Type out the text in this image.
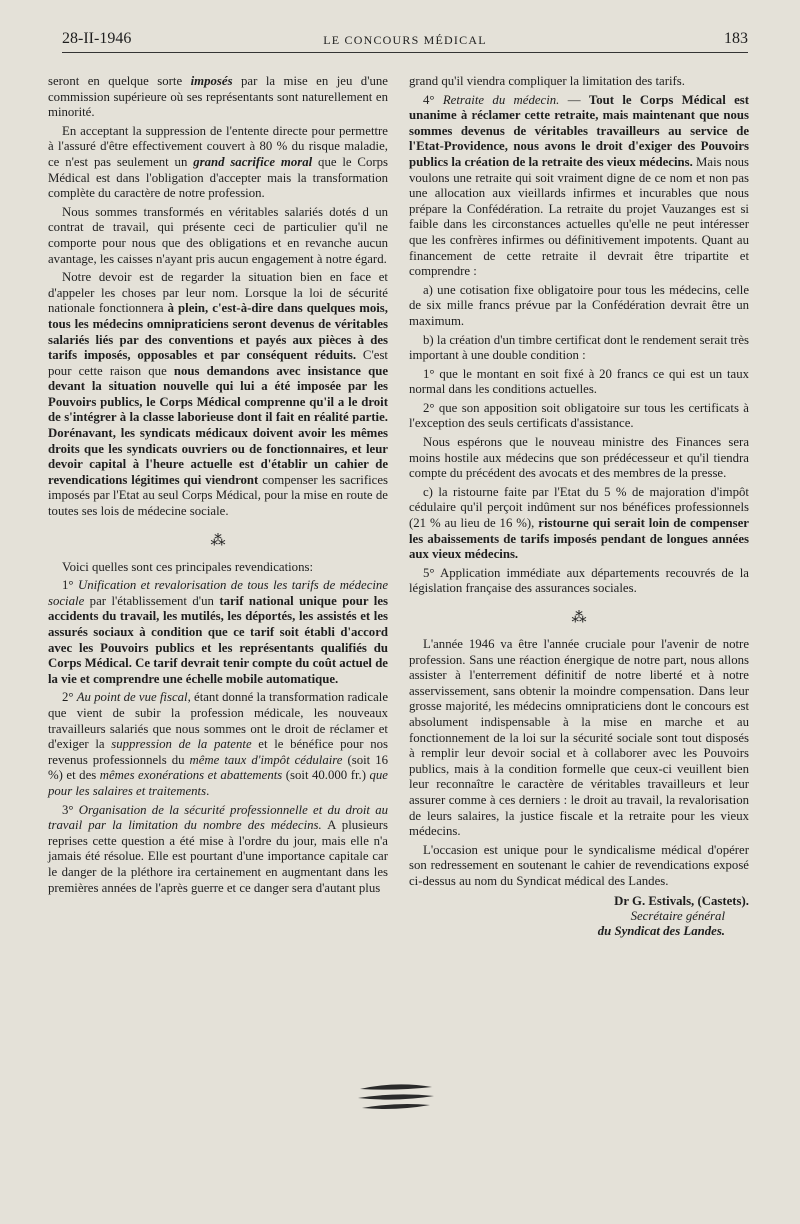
28-II-1946	LE CONCOURS MÉDICAL	183

seront en quelque sorte imposés par la mise en jeu d'une commission supérieure où ses représentants sont naturellement en minorité.

En acceptant la suppression de l'entente directe pour permettre à l'assuré d'être effectivement couvert à 80 % du risque maladie, ce n'est pas seulement un grand sacrifice moral que le Corps Médical est dans l'obligation d'accepter mais la transformation complète du caractère de notre profession.

Nous sommes transformés en véritables salariés dotés d un contrat de travail, qui présente ceci de particulier qu'il ne comporte pour nous que des obligations et en revanche aucun avantage, les caisses n'ayant pris aucun engagement à notre égard.

Notre devoir est de regarder la situation bien en face et d'appeler les choses par leur nom. Lorsque la loi de sécurité nationale fonctionnera à plein, c'est-à-dire dans quelques mois, tous les médecins omnipraticiens seront devenus de véritables salariés liés par des conventions et payés aux pièces à des tarifs imposés, opposables et par conséquent réduits. C'est pour cette raison que nous demandons avec insistance que devant la situation nouvelle qui lui a été imposée par les Pouvoirs publics, le Corps Médical comprenne qu'il a le droit de s'intégrer à la classe laborieuse dont il fait en réalité partie. Dorénavant, les syndicats médicaux doivent avoir les mêmes droits que les syndicats ouvriers ou de fonctionnaires, et leur devoir capital à l'heure actuelle est d'établir un cahier de revendications légitimes qui viendront compenser les sacrifices imposés par l'Etat au seul Corps Médical, pour la mise en route de toutes ses lois de médecine sociale.

⁂

Voici quelles sont ces principales revendications:

1° Unification et revalorisation de tous les tarifs de médecine sociale par l'établissement d'un tarif national unique pour les accidents du travail, les mutilés, les déportés, les assistés et les assurés sociaux à condition que ce tarif soit établi d'accord avec les Pouvoirs publics et les représentants qualifiés du Corps Médical. Ce tarif devrait tenir compte du coût actuel de la vie et comprendre une échelle mobile automatique.

2° Au point de vue fiscal, étant donné la transformation radicale que vient de subir la profession médicale, les nouveaux travailleurs salariés que nous sommes ont le droit de réclamer et d'exiger la suppression de la patente et le bénéfice pour nos revenus professionnels du même taux d'impôt cédulaire (soit 16 %) et des mêmes exonérations et abattements (soit 40.000 fr.) que pour les salaires et traitements.

3° Organisation de la sécurité professionnelle et du droit au travail par la limitation du nombre des médecins. A plusieurs reprises cette question a été mise à l'ordre du jour, mais elle n'a jamais été résolue. Elle est pourtant d'une importance capitale car le danger de la pléthore ira certainement en augmentant dans les premières années de l'après guerre et ce danger sera d'autant plus

grand qu'il viendra compliquer la limitation des tarifs.

4° Retraite du médecin. — Tout le Corps Médical est unanime à réclamer cette retraite, mais maintenant que nous sommes devenus de véritables travailleurs au service de l'Etat-Providence, nous avons le droit d'exiger des Pouvoirs publics la création de la retraite des vieux médecins. Mais nous voulons une retraite qui soit vraiment digne de ce nom et non pas une allocation aux vieillards infirmes et incurables que nous prépare la Confédération. La retraite du projet Vauzanges est si faible dans les circonstances actuelles qu'elle ne peut intéresser que les confrères infirmes ou définitivement impotents. Quant au financement de cette retraite il devrait être tripartite et comprendre :

a) une cotisation fixe obligatoire pour tous les médecins, celle de six mille francs prévue par la Confédération devrait être un maximum.

b) la création d'un timbre certificat dont le rendement serait très important à une double condition :

1° que le montant en soit fixé à 20 francs ce qui est un taux normal dans les conditions actuelles.

2° que son apposition soit obligatoire sur tous les certificats à l'exception des seuls certificats d'assistance.

Nous espérons que le nouveau ministre des Finances sera moins hostile aux médecins que son prédécesseur et qu'il tiendra compte du précédent des avocats et des membres de la presse.

c) la ristourne faite par l'Etat du 5 % de majoration d'impôt cédulaire qu'il perçoit indûment sur nos bénéfices professionnels (21 % au lieu de 16 %), ristourne qui serait loin de compenser les abaissements de tarifs imposés pendant de longues années aux vieux médecins.

5° Application immédiate aux départements recouvrés de la législation française des assurances sociales.

⁂

L'année 1946 va être l'année cruciale pour l'avenir de notre profession. Sans une réaction énergique de notre part, nous allons assister à l'enterrement définitif de notre liberté et à notre asservissement, sans obtenir la moindre compensation. Dans leur grosse majorité, les médecins omnipraticiens dont le concours est absolument indispensable à la mise en marche et au fonctionnement de la loi sur la sécurité sociale sont tout disposés à remplir leur devoir social et à collaborer avec les Pouvoirs publics, mais à la condition formelle que ceux-ci veuillent bien leur reconnaître le caractère de véritables travailleurs et leur assurer comme à ces derniers : le droit au travail, la revalorisation de leurs salaires, la justice fiscale et la retraite pour les vieux médecins.

L'occasion est unique pour le syndicalisme médical d'opérer son redressement en soutenant le cahier de revendications exposé ci-dessus au nom du Syndicat médical des Landes.

Dr G. Estivals, (Castets).
Secrétaire général
du Syndicat des Landes.
